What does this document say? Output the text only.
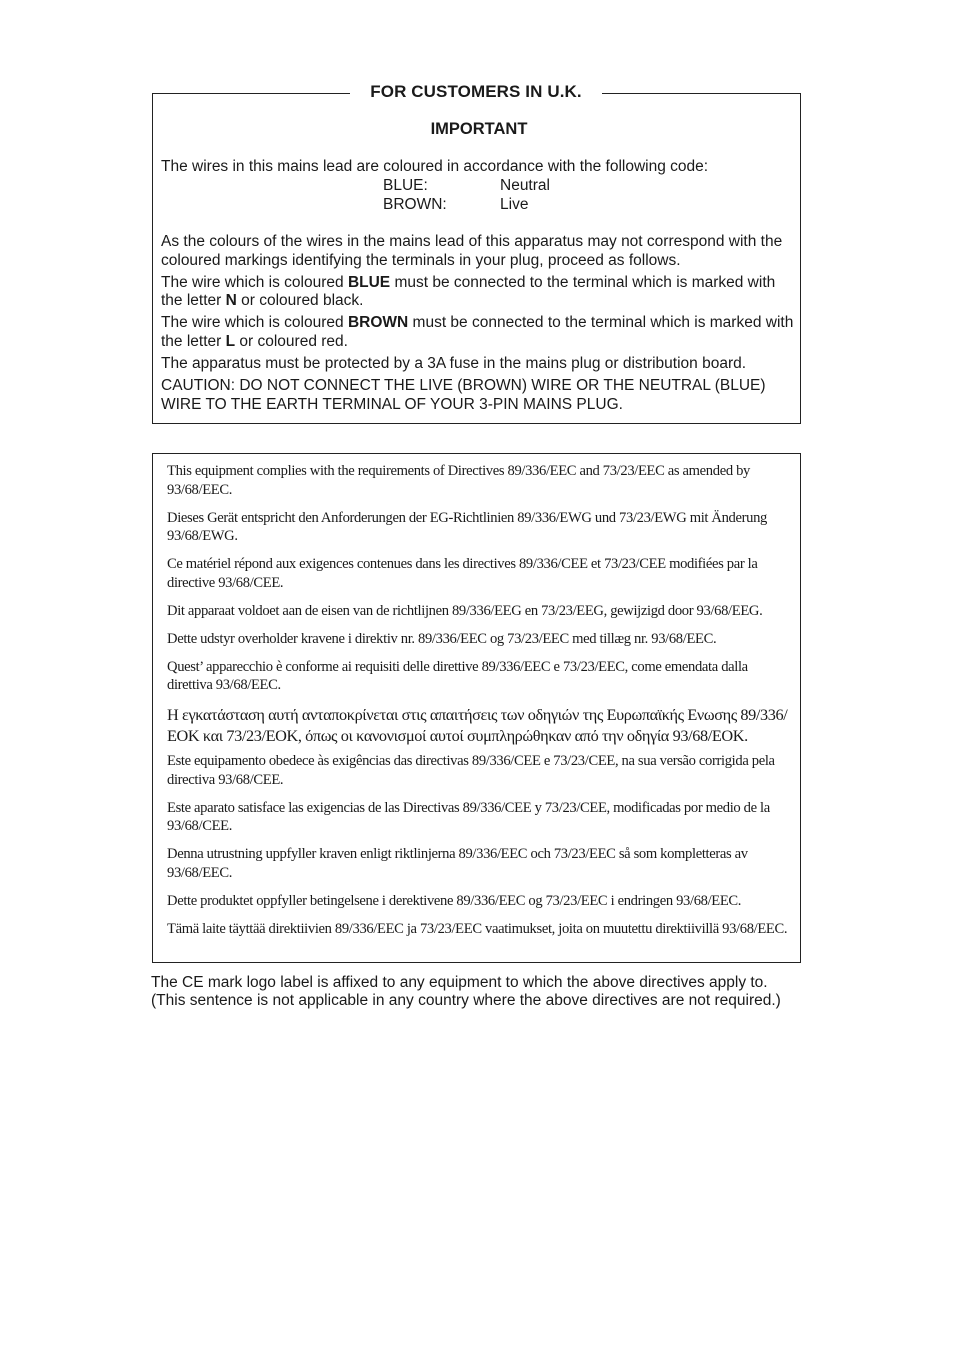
FOR CUSTOMERS IN U.K.
IMPORTANT

The wires in this mains lead are coloured in accordance with the following code:

BLUE:	Neutral
BROWN:	Live

As the colours of the wires in the mains lead of this apparatus may not correspond with the coloured markings identifying the terminals in your plug, proceed as follows.

The wire which is coloured BLUE must be connected to the terminal which is marked with the letter N or coloured black.

The wire which is coloured BROWN must be connected to the terminal which is marked with the letter L or coloured red.

The apparatus must be protected by a 3A fuse in the mains plug or distribution board.

CAUTION: DO NOT CONNECT THE LIVE (BROWN) WIRE OR THE NEUTRAL (BLUE) WIRE TO THE EARTH TERMINAL OF YOUR 3-PIN MAINS PLUG.

This equipment complies with the requirements of Directives 89/336/EEC and 73/23/EEC as amended by 93/68/EEC.

Dieses Gerät entspricht den Anforderungen der EG-Richtlinien 89/336/EWG und 73/23/EWG mit Änderung 93/68/EWG.

Ce matériel répond aux exigences contenues dans les directives 89/336/CEE et 73/23/CEE modifiées par la directive 93/68/CEE.

Dit apparaat voldoet aan de eisen van de richtlijnen 89/336/EEG en 73/23/EEG, gewijzigd door 93/68/EEG.

Dette udstyr overholder kravene i direktiv nr. 89/336/EEC og 73/23/EEC med tillæg nr. 93/68/EEC.

Quest’ apparecchio è conforme ai requisiti delle direttive 89/336/EEC e 73/23/EEC, come emendata dalla direttiva 93/68/EEC.

Η εγκατάσταση αυτή ανταποκρίνεται στις απαιτήσεις των οδηγιών της Ευρωπαϊκής Ενωσης 89/336/ΕΟΚ και 73/23/ΕΟΚ, όπως οι κανονισμοί αυτοί συμπληρώθηκαν από την οδηγία 93/68/ΕΟΚ.

Este equipamento obedece às exigências das directivas 89/336/CEE e 73/23/CEE, na sua versão corrigida pela directiva 93/68/CEE.

Este aparato satisface las exigencias de las Directivas 89/336/CEE y 73/23/CEE, modificadas por medio de la 93/68/CEE.

Denna utrustning uppfyller kraven enligt riktlinjerna 89/336/EEC och 73/23/EEC så som kompletteras av 93/68/EEC.

Dette produktet oppfyller betingelsene i derektivene 89/336/EEC og 73/23/EEC i endringen 93/68/EEC.

Tämä laite täyttää direktiivien 89/336/EEC ja 73/23/EEC vaatimukset, joita on muutettu direktiivillä 93/68/EEC.

The CE mark logo label is affixed to any equipment to which the above directives apply to.

(This sentence is not applicable in any country where the above directives are not required.)
